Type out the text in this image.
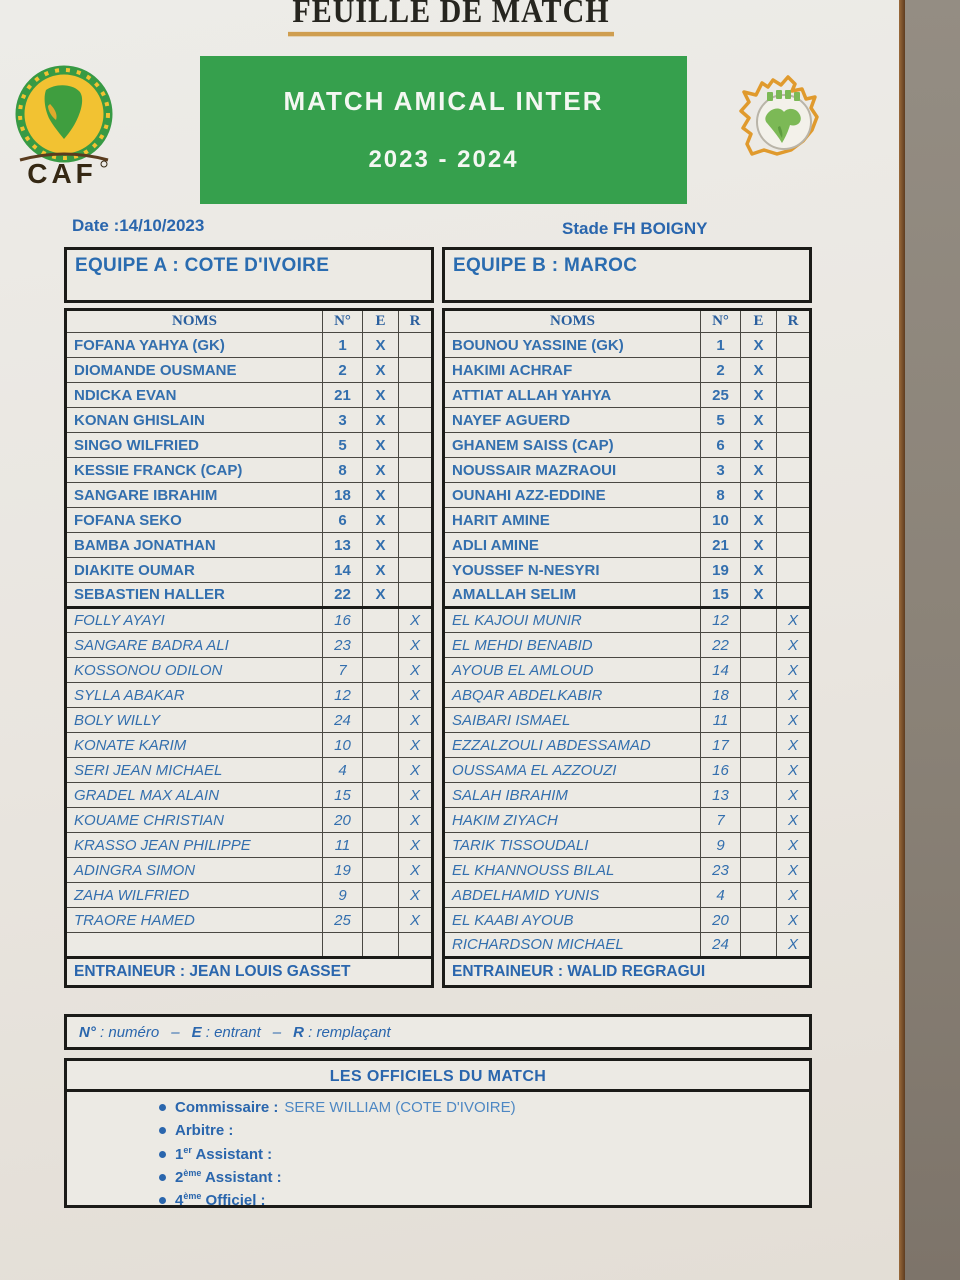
FEUILLE DE MATCH
CAF
MATCH AMICAL INTER
2023 - 2024
Date :14/10/2023	Stade FH BOIGNY
EQUIPE A : COTE D'IVOIRE
NOMS	N°	E	R
FOFANA YAHYA (GK)	1	X	
DIOMANDE OUSMANE	2	X	
NDICKA EVAN	21	X	
KONAN GHISLAIN	3	X	
SINGO WILFRIED	5	X	
KESSIE FRANCK (CAP)	8	X	
SANGARE IBRAHIM	18	X	
FOFANA SEKO	6	X	
BAMBA JONATHAN	13	X	
DIAKITE OUMAR	14	X	
SEBASTIEN HALLER	22	X	
FOLLY AYAYI	16		X
SANGARE BADRA ALI	23		X
KOSSONOU ODILON	7		X
SYLLA ABAKAR	12		X
BOLY WILLY	24		X
KONATE KARIM	10		X
SERI JEAN MICHAEL	4		X
GRADEL MAX ALAIN	15		X
KOUAME CHRISTIAN	20		X
KRASSO JEAN PHILIPPE	11		X
ADINGRA SIMON	19		X
ZAHA WILFRIED	9		X
TRAORE HAMED	25		X

ENTRAINEUR : JEAN LOUIS GASSET			
EQUIPE B : MAROC
NOMS	N°	E	R
BOUNOU YASSINE (GK)	1	X	
HAKIMI ACHRAF	2	X	
ATTIAT ALLAH YAHYA	25	X	
NAYEF AGUERD	5	X	
GHANEM SAISS (CAP)	6	X	
NOUSSAIR MAZRAOUI	3	X	
OUNAHI AZZ-EDDINE	8	X	
HARIT AMINE	10	X	
ADLI AMINE	21	X	
YOUSSEF N-NESYRI	19	X	
AMALLAH SELIM	15	X	
EL KAJOUI MUNIR	12		X
EL MEHDI BENABID	22		X
AYOUB EL AMLOUD	14		X
ABQAR ABDELKABIR	18		X
SAIBARI ISMAEL	11		X
EZZALZOULI ABDESSAMAD	17		X
OUSSAMA EL AZZOUZI	16		X
SALAH IBRAHIM	13		X
HAKIM ZIYACH	7		X
TARIK TISSOUDALI	9		X
EL KHANNOUSS BILAL	23		X
ABDELHAMID YUNIS	4		X
EL KAABI AYOUB	20		X
RICHARDSON MICHAEL	24		X
ENTRAINEUR : WALID REGRAGUI			
N° : numéro – E : entrant – R : remplaçant
LES OFFICIELS DU MATCH
Commissaire : SERE WILLIAM (COTE D'IVOIRE)
Arbitre :
1er Assistant :
2ème Assistant :
4ème Officiel :
